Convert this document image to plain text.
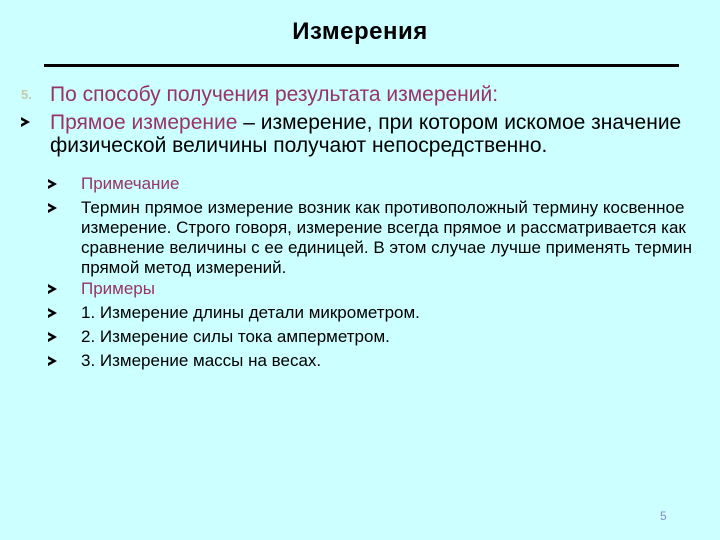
Измерения
5. По способу получения результата измерений:
Прямое измерение – измерение, при котором искомое значение физической величины получают непосредственно.
Примечание
Термин прямое измерение возник как противоположный термину косвенное измерение. Строго говоря, измерение всегда прямое и рассматривается как сравнение величины с ее единицей. В этом случае лучше применять термин прямой метод измерений.
Примеры
1. Измерение длины детали микрометром.
2. Измерение силы тока амперметром.
3. Измерение массы на весах.
5
